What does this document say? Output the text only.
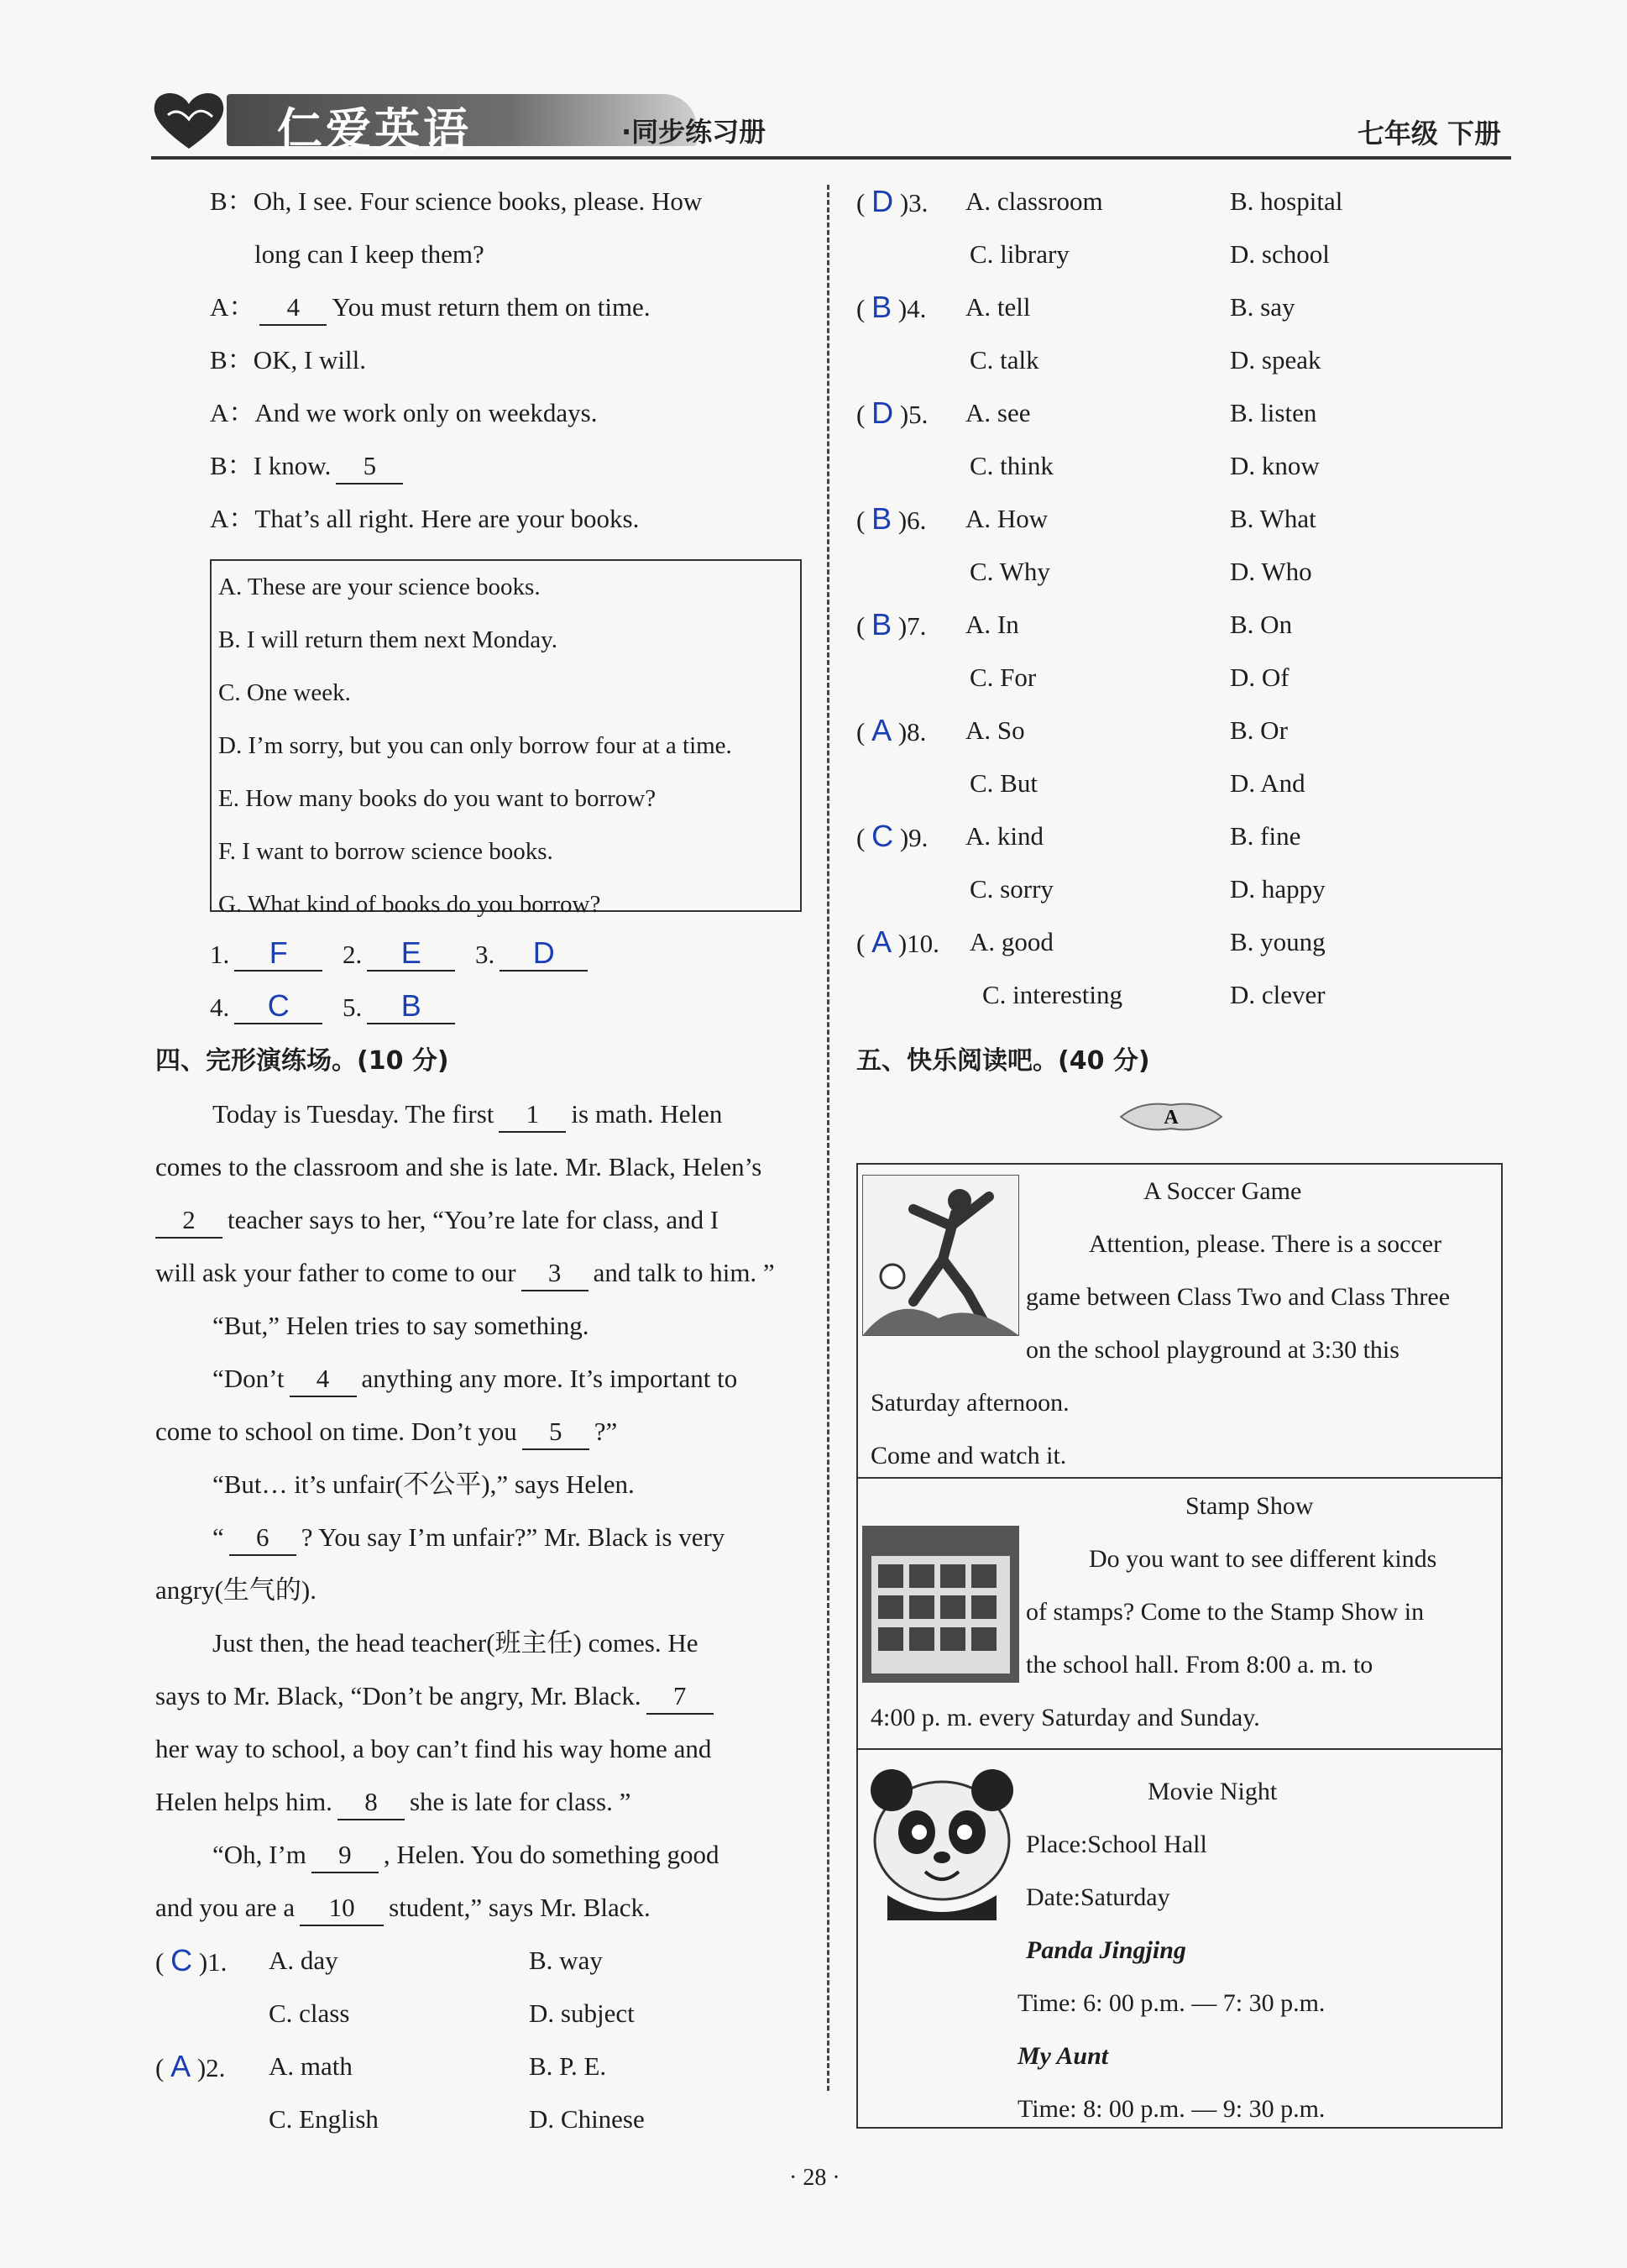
仁爱英语	·同步练习册	七年级 下册
B：Oh, I see. Four science books, please. How
long can I keep them?
A： 4 You must return them on time.
B：OK, I will.
A：And we work only on weekdays.
B：I know. 5
A：That’s all right. Here are your books.
A. These are your science books.
B. I will return them next Monday.
C. One week.
D. I’m sorry, but you can only borrow four at a time.
E. How many books do you want to borrow?
F. I want to borrow science books.
G. What kind of books do you borrow?
1. F 2. E 3. D
4. C 5. B
四、完形演练场。(10 分)
Today is Tuesday. The first 1 is math. Helen
comes to the classroom and she is late. Mr. Black, Helen’s
2 teacher says to her, “You’re late for class, and I
will ask your father to come to our 3 and talk to him. ”
“But,” Helen tries to say something.
“Don’t 4 anything any more. It’s important to
come to school on time. Don’t you 5 ?”
“But… it’s unfair(不公平),” says Helen.
“ 6 ? You say I’m unfair?” Mr. Black is very
angry(生气的).
Just then, the head teacher(班主任) comes. He
says to Mr. Black, “Don’t be angry, Mr. Black. 7
her way to school, a boy can’t find his way home and
Helen helps him. 8 she is late for class. ”
“Oh, I’m 9 , Helen. You do something good
and you are a 10 student,” says Mr. Black.
( C )1. A. day	B. way
C. class	D. subject
( A )2. A. math	B. P. E.
C. English	D. Chinese
( D )3. A. classroom	B. hospital
C. library	D. school
( B )4. A. tell	B. say
C. talk	D. speak
( D )5. A. see	B. listen
C. think	D. know
( B )6. A. How	B. What
C. Why	D. Who
( B )7. A. In	B. On
C. For	D. Of
( A )8. A. So	B. Or
C. But	D. And
( C )9. A. kind	B. fine
C. sorry	D. happy
( A )10. A. good	B. young
C. interesting	D. clever
五、快乐阅读吧。(40 分)
A
A Soccer Game
Attention, please. There is a soccer
game between Class Two and Class Three
on the school playground at 3:30 this
Saturday afternoon.
Come and watch it.
Stamp Show
Do you want to see different kinds
of stamps? Come to the Stamp Show in
the school hall. From 8:00 a. m. to
4:00 p. m. every Saturday and Sunday.
Movie Night
Place:School Hall
Date:Saturday
Panda Jingjing
Time: 6: 00 p.m. — 7: 30 p.m.
My Aunt
Time: 8: 00 p.m. — 9: 30 p.m.
· 28 ·
